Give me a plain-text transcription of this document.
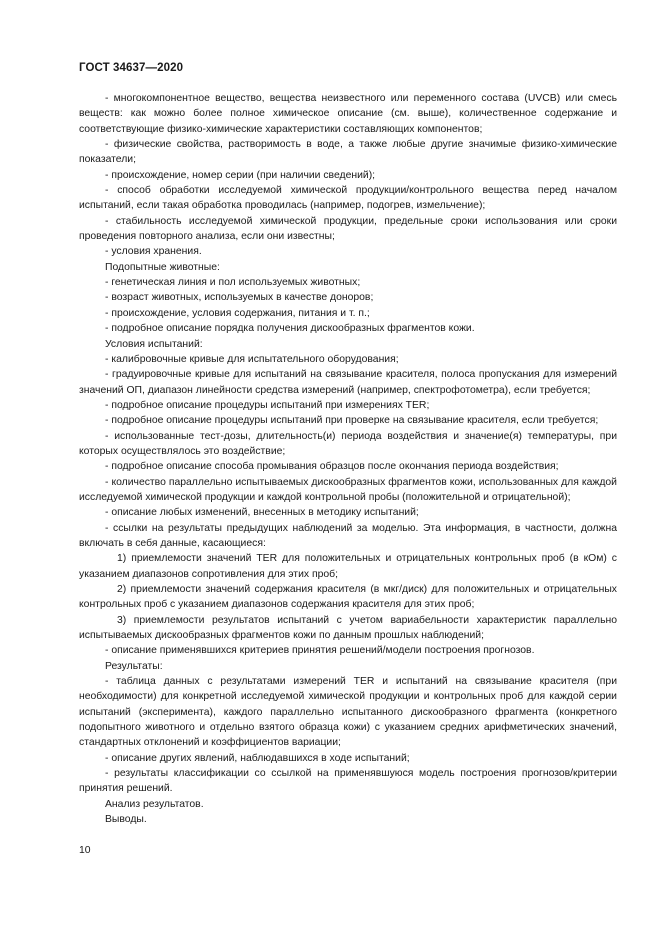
ГОСТ 34637—2020

- многокомпонентное вещество, вещества неизвестного или переменного состава (UVCB) или смесь веществ: как можно более полное химическое описание (см. выше), количественное содержание и соответствующие физико-химические характеристики составляющих компонентов;

- физические свойства, растворимость в воде, а также любые другие значимые физико-химические показатели;

- происхождение, номер серии (при наличии сведений);

- способ обработки исследуемой химической продукции/контрольного вещества перед началом испытаний, если такая обработка проводилась (например, подогрев, измельчение);

- стабильность исследуемой химической продукции, предельные сроки использования или сроки проведения повторного анализа, если они известны;

- условия хранения.

Подопытные животные:

- генетическая линия и пол используемых животных;

- возраст животных, используемых в качестве доноров;

- происхождение, условия содержания, питания и т. п.;

- подробное описание порядка получения дискообразных фрагментов кожи.

Условия испытаний:

- калибровочные кривые для испытательного оборудования;

- градуировочные кривые для испытаний на связывание красителя, полоса пропускания для измерений значений ОП, диапазон линейности средства измерений (например, спектрофотометра), если требуется;

- подробное описание процедуры испытаний при измерениях TER;

- подробное описание процедуры испытаний при проверке на связывание красителя, если требуется;

- использованные тест-дозы, длительность(и) периода воздействия и значение(я) температуры, при которых осуществлялось это воздействие;

- подробное описание способа промывания образцов после окончания периода воздействия;

- количество параллельно испытываемых дискообразных фрагментов кожи, использованных для каждой исследуемой химической продукции и каждой контрольной пробы (положительной и отрицательной);

- описание любых изменений, внесенных в методику испытаний;

- ссылки на результаты предыдущих наблюдений за моделью. Эта информация, в частности, должна включать в себя данные, касающиеся:

1) приемлемости значений TER для положительных и отрицательных контрольных проб (в кОм) с указанием диапазонов сопротивления для этих проб;

2) приемлемости значений содержания красителя (в мкг/диск) для положительных и отрицательных контрольных проб с указанием диапазонов содержания красителя для этих проб;

3) приемлемости результатов испытаний с учетом вариабельности характеристик параллельно испытываемых дискообразных фрагментов кожи по данным прошлых наблюдений;

- описание применявшихся критериев принятия решений/модели построения прогнозов.

Результаты:

- таблица данных с результатами измерений TER и испытаний на связывание красителя (при необходимости) для конкретной исследуемой химической продукции и контрольных проб для каждой серии испытаний (эксперимента), каждого параллельно испытанного дискообразного фрагмента (конкретного подопытного животного и отдельно взятого образца кожи) с указанием средних арифметических значений, стандартных отклонений и коэффициентов вариации;

- описание других явлений, наблюдавшихся в ходе испытаний;

- результаты классификации со ссылкой на применявшуюся модель построения прогнозов/критерии принятия решений.

Анализ результатов.

Выводы.

10
